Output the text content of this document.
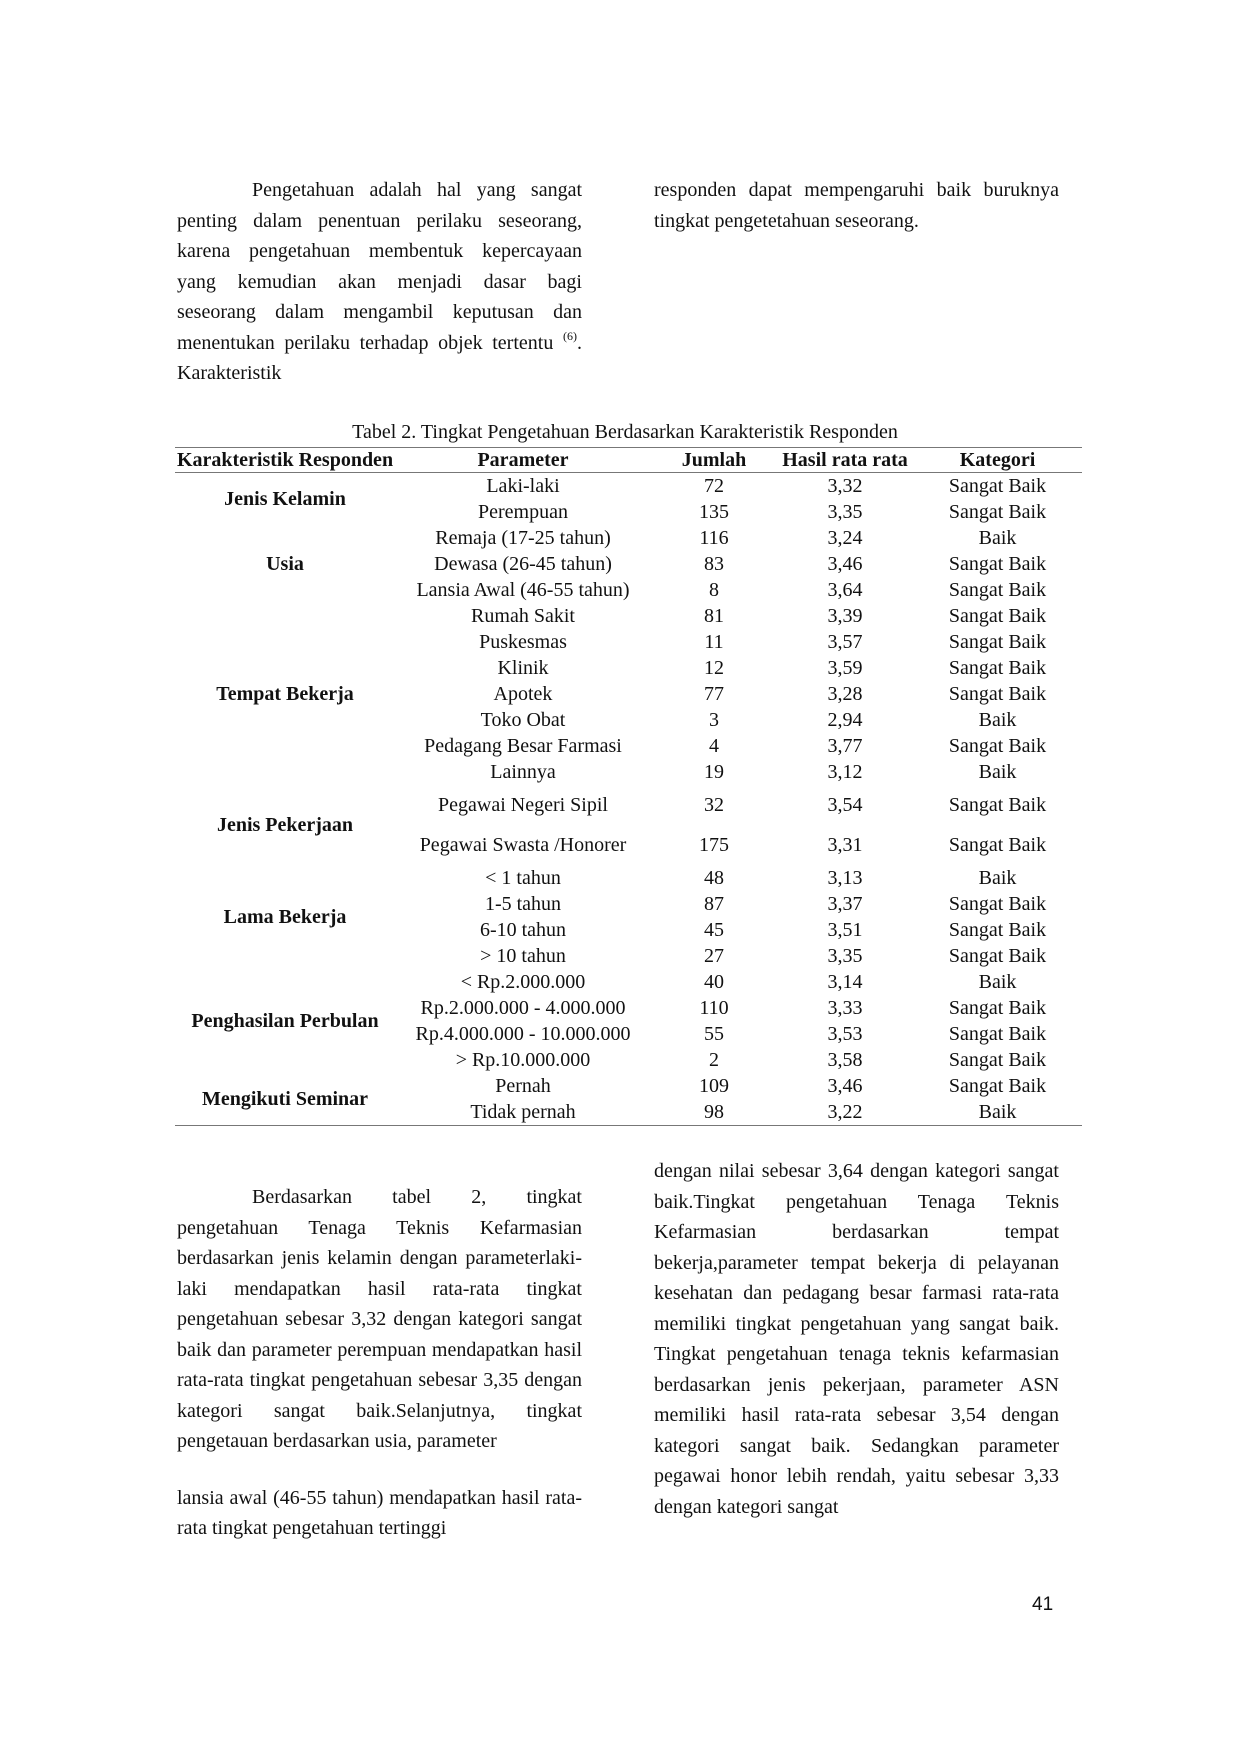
Pengetahuan adalah hal yang sangat penting dalam penentuan perilaku seseorang, karena pengetahuan membentuk kepercayaan yang kemudian akan menjadi dasar bagi seseorang dalam mengambil keputusan dan menentukan perilaku terhadap objek tertentu $^{(6)}$. Karakteristik

responden dapat mempengaruhi baik buruknya tingkat pengetetahuan seseorang.

Tabel 2. Tingkat Pengetahuan Berdasarkan Karakteristik Responden
Karakteristik Responden	Parameter	Jumlah	Hasil rata rata	Kategori
Jenis Kelamin	Laki-laki	72	3,32	Sangat Baik
	Perempuan	135	3,35	Sangat Baik
Usia	Remaja (17-25 tahun)	116	3,24	Baik
	Dewasa (26-45 tahun)	83	3,46	Sangat Baik
	Lansia Awal (46-55 tahun)	8	3,64	Sangat Baik
Tempat Bekerja	Rumah Sakit	81	3,39	Sangat Baik
	Puskesmas	11	3,57	Sangat Baik
	Klinik	12	3,59	Sangat Baik
	Apotek	77	3,28	Sangat Baik
	Toko Obat	3	2,94	Baik
	Pedagang Besar Farmasi	4	3,77	Sangat Baik
	Lainnya	19	3,12	Baik
Jenis Pekerjaan	Pegawai Negeri Sipil	32	3,54	Sangat Baik
	Pegawai Swasta /Honorer	175	3,31	Sangat Baik
Lama Bekerja	< 1 tahun	48	3,13	Baik
	1-5 tahun	87	3,37	Sangat Baik
	6-10 tahun	45	3,51	Sangat Baik
	> 10 tahun	27	3,35	Sangat Baik
Penghasilan Perbulan	< Rp.2.000.000	40	3,14	Baik
	Rp.2.000.000 - 4.000.000	110	3,33	Sangat Baik
	Rp.4.000.000 - 10.000.000	55	3,53	Sangat Baik
	> Rp.10.000.000	2	3,58	Sangat Baik
Mengikuti Seminar	Pernah	109	3,46	Sangat Baik
	Tidak pernah	98	3,22	Baik

Berdasarkan tabel 2, tingkat pengetahuan Tenaga Teknis Kefarmasian berdasarkan jenis kelamin dengan parameterlaki-laki mendapatkan hasil rata-rata tingkat pengetahuan sebesar 3,32 dengan kategori sangat baik dan parameter perempuan mendapatkan hasil rata-rata tingkat pengetahuan sebesar 3,35 dengan kategori sangat baik.Selanjutnya, tingkat pengetauan berdasarkan usia, parameter

lansia awal (46-55 tahun) mendapatkan hasil rata-rata tingkat pengetahuan tertinggi

dengan nilai sebesar 3,64 dengan kategori sangat baik.Tingkat pengetahuan Tenaga Teknis Kefarmasian berdasarkan tempat bekerja,parameter tempat bekerja di pelayanan kesehatan dan pedagang besar farmasi rata-rata memiliki tingkat pengetahuan yang sangat baik. Tingkat pengetahuan tenaga teknis kefarmasian berdasarkan jenis pekerjaan, parameter ASN memiliki hasil rata-rata sebesar 3,54 dengan kategori sangat baik. Sedangkan parameter pegawai honor lebih rendah, yaitu sebesar 3,33 dengan kategori sangat

41
